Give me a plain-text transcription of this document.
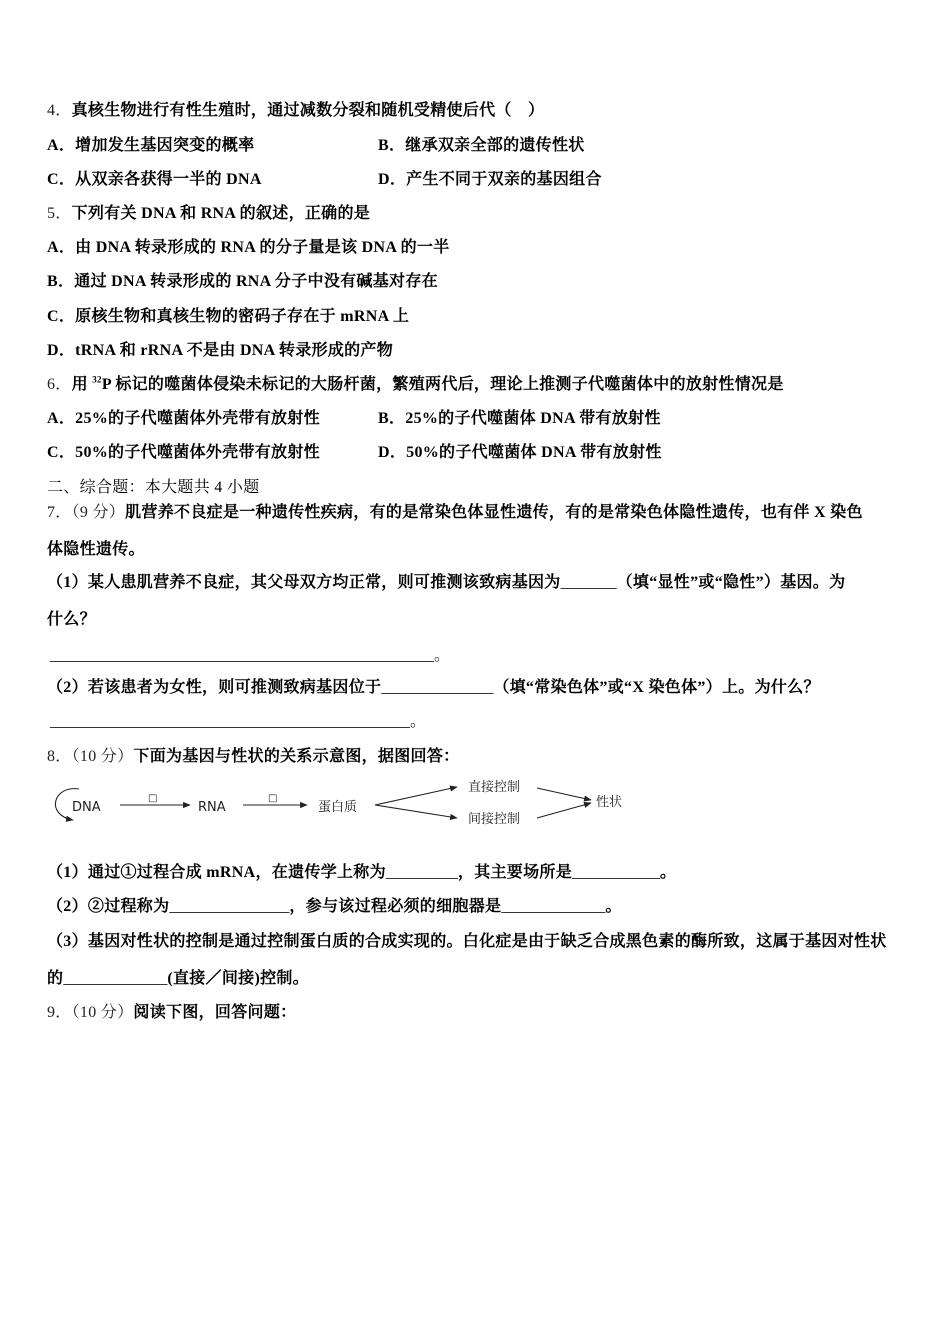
4．真核生物进行有性生殖时，通过减数分裂和随机受精使后代（　）
A．增加发生基因突变的概率	B．继承双亲全部的遗传性状
C．从双亲各获得一半的 DNA	D．产生不同于双亲的基因组合
5．下列有关 DNA 和 RNA 的叙述，正确的是
A．由 DNA 转录形成的 RNA 的分子量是该 DNA 的一半
B．通过 DNA 转录形成的 RNA 分子中没有碱基对存在
C．原核生物和真核生物的密码子存在于 mRNA 上
D．tRNA 和 rRNA 不是由 DNA 转录形成的产物
6．用 $^{32}$P 标记的噬菌体侵染未标记的大肠杆菌，繁殖两代后，理论上推测子代噬菌体中的放射性情况是
A．25%的子代噬菌体外壳带有放射性	B．25%的子代噬菌体 DNA 带有放射性
C．50%的子代噬菌体外壳带有放射性	D．50%的子代噬菌体 DNA 带有放射性
二、综合题：本大题共 4 小题
7．（9 分）肌营养不良症是一种遗传性疾病，有的是常染色体显性遗传，有的是常染色体隐性遗传，也有伴 X 染色
体隐性遗传。
（1）某人患肌营养不良症，其父母双方均正常，则可推测该致病基因为_______（填“显性”或“隐性”）基因。为
什么？
________________________________________________。
（2）若该患者为女性，则可推测致病基因位于______________（填“常染色体”或“X 染色体”）上。为什么？
_____________________________________________。
8．（10 分）下面为基因与性状的关系示意图，据图回答：
DNA
□
RNA
□
蛋白质
直接控制
间接控制
性状
（1）通过①过程合成 mRNA，在遗传学上称为_________，其主要场所是___________。
（2）②过程称为_______________，参与该过程必须的细胞器是_____________。
（3）基因对性状的控制是通过控制蛋白质的合成实现的。白化症是由于缺乏合成黑色素的酶所致，这属于基因对性状
的_____________(直接／间接)控制。
9．（10 分）阅读下图，回答问题：
